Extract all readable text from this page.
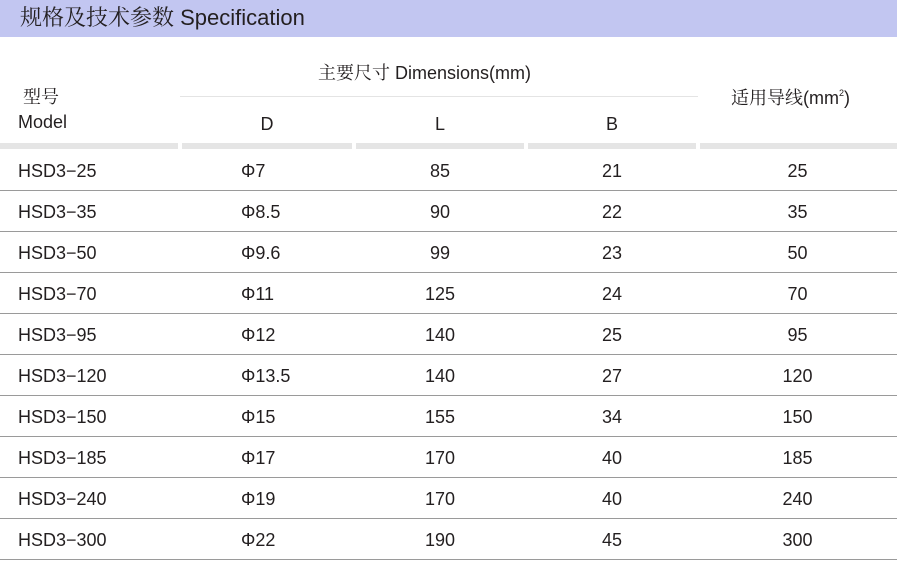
规格及技术参数 Specification
型号
Model
主要尺寸 Dimensions(mm)
适用导线$(mm^2)$
D	L	B
HSD3−25	Φ7	85	21	25
HSD3−35	Φ8.5	90	22	35
HSD3−50	Φ9.6	99	23	50
HSD3−70	Φ11	125	24	70
HSD3−95	Φ12	140	25	95
HSD3−120	Φ13.5	140	27	120
HSD3−150	Φ15	155	34	150
HSD3−185	Φ17	170	40	185
HSD3−240	Φ19	170	40	240
HSD3−300	Φ22	190	45	300
